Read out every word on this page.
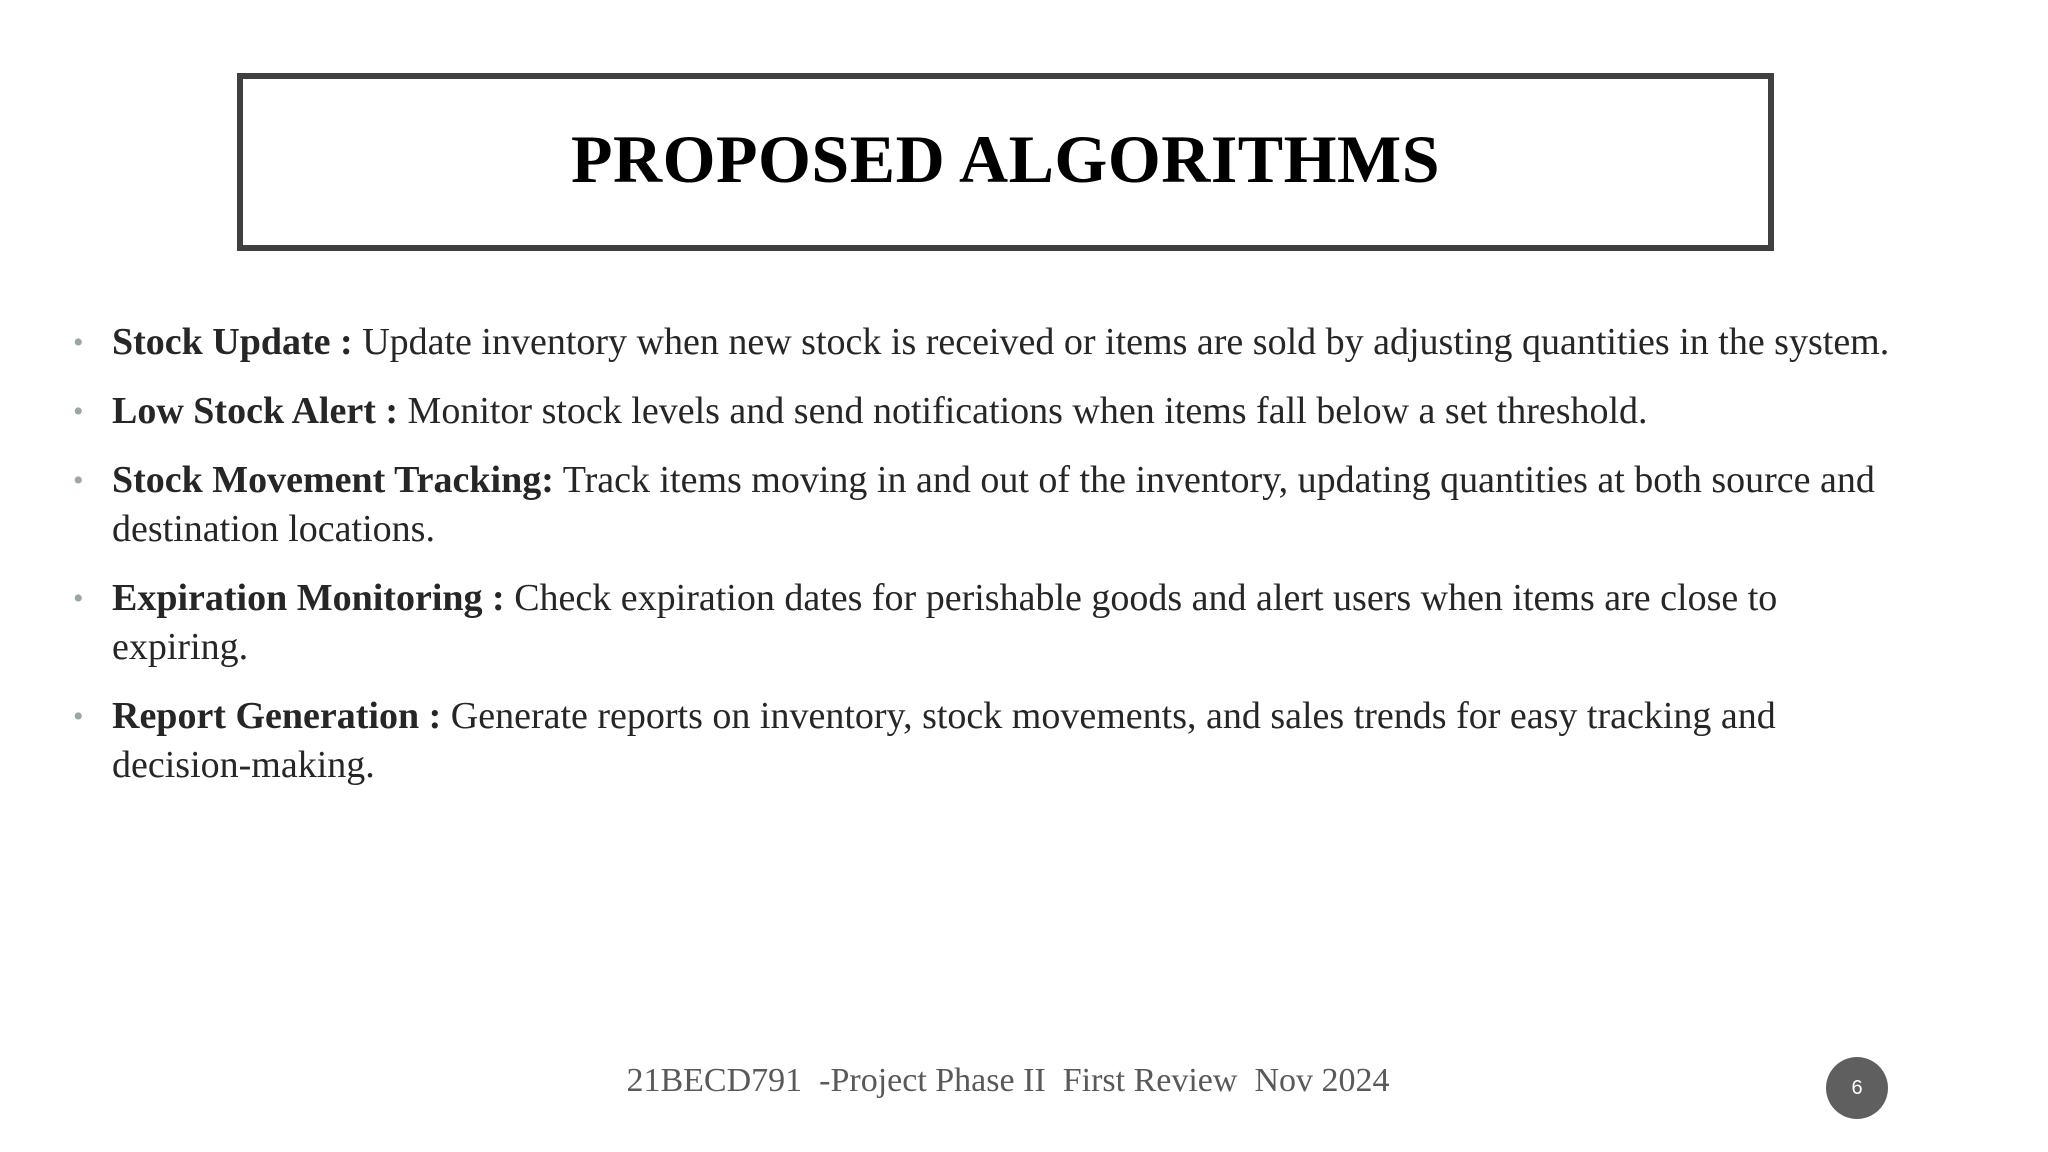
PROPOSED ALGORITHMS
• Stock Update : Update inventory when new stock is received or items are sold by adjusting quantities in the system.
• Low Stock Alert : Monitor stock levels and send notifications when items fall below a set threshold.
• Stock Movement Tracking: Track items moving in and out of the inventory, updating quantities at both source and destination locations.
• Expiration Monitoring : Check expiration dates for perishable goods and alert users when items are close to expiring.
• Report Generation : Generate reports on inventory, stock movements, and sales trends for easy tracking and decision-making.
21BECD791  -Project Phase II  First Review  Nov 2024	6
